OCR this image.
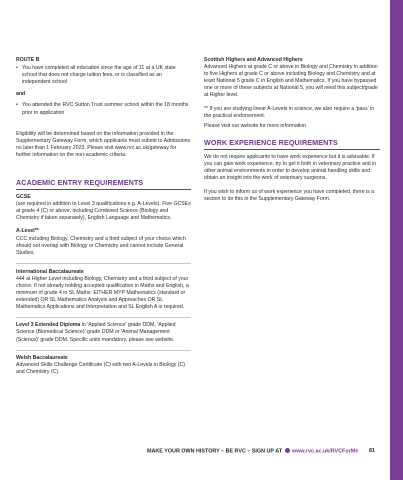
ROUTE B
• You have completed all education since the age of 11 at a UK state school that does not charge tuition fees, or is classified as an independent school
and
• You attended the RVC Sutton Trust summer school within the 18 months prior to application
Eligibility will be determined based on the information provided in the Supplementary Gateway Form, which applicants must submit to Admissions no later than 1 February 2023. Please visit www.rvc.ac.uk/gateway for further information on the non-academic criteria.
ACADEMIC ENTRY REQUIREMENTS
GCSE
(are required in addition to Level 3 qualifications e.g. A-Levels). Five GCSEs at grade 4 (C) or above, including Combined Science (Biology and Chemistry if taken separately), English Language and Mathematics.
A-Level**
CCC including Biology, Chemistry and a third subject of your choice which should not overlap with Biology or Chemistry and cannot include General Studies.
International Baccalaureate
444 at Higher Level including Biology, Chemistry and a third subject of your choice. If not already holding accepted qualification in Maths and English, a minimum of grade 4 in SL Maths: EITHER MYP Mathematics (standard or extended) OR SL Mathematics Analysis and Approaches OR SL Mathematics Applications and Interpretation and SL English A is required.
Level 3 Extended Diploma in 'Applied Science' grade DDM, 'Applied Science (Biomedical Science)' grade DDM or 'Animal Management (Science)' grade DDM. Specific units mandatory, please see website.
Welsh Baccalaureate
Advanced Skills Challenge Certificate (C) with two A-Levels in Biology (C) and Chemistry (C).
Scottish Highers and Advanced Highers
Advanced Highers at grade C or above in Biology and Chemistry in addition to five Highers at grade C or above including Biology and Chemistry and at least National 5 grade C in English and Mathematics. If you have bypassed one or more of these subjects at National 5, you will need this subject/grade at Higher level.
** If you are studying linear A-Levels in science, we also require a 'pass' in the practical endorsement.
Please visit our website for more information.
WORK EXPERIENCE REQUIREMENTS
We do not require applicants to have work experience but it is advisable. If you can gain work experience, try to get it both in veterinary practice and in other animal environments in order to develop animal handling skills and obtain an insight into the work of veterinary surgeons.
If you wish to inform us of work experience you have completed, there is a section to do this in the Supplementary Gateway Form.
MAKE YOUR OWN HISTORY – BE RVC – SIGN UP AT www.rvc.ac.uk/RVCForMe 81
